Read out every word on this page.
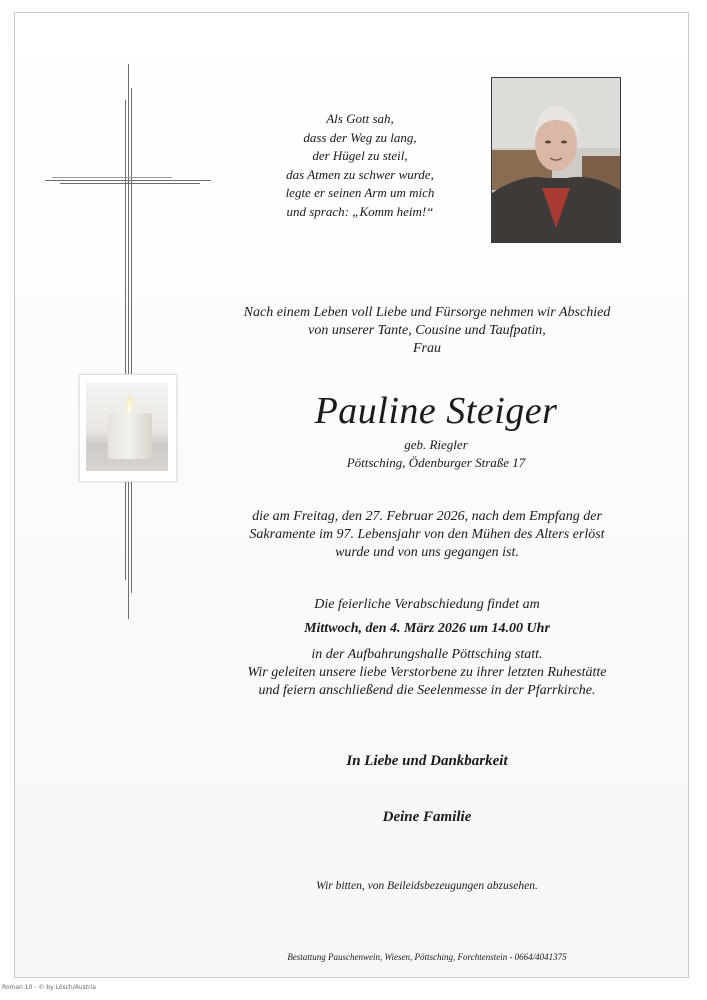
Als Gott sah,
dass der Weg zu lang,
der Hügel zu steil,
das Atmen zu schwer wurde,
legte er seinen Arm um mich
und sprach: „Komm heim!“
Nach einem Leben voll Liebe und Fürsorge nehmen wir Abschied
von unserer Tante, Cousine und Taufpatin,
Frau
Pauline Steiger
geb. Riegler
Pöttsching, Ödenburger Straße 17
die am Freitag, den 27. Februar 2026, nach dem Empfang der
Sakramente im 97. Lebensjahr von den Mühen des Alters erlöst
wurde und von uns gegangen ist.
Die feierliche Verabschiedung findet am
Mittwoch, den 4. März 2026 um 14.00 Uhr
in der Aufbahrungshalle Pöttsching statt.
Wir geleiten unsere liebe Verstorbene zu ihrer letzten Ruhestätte
und feiern anschließend die Seelenmesse in der Pfarrkirche.
In Liebe und Dankbarkeit
Deine Familie
Wir bitten, von Beileidsbezeugungen abzusehen.
Bestattung Pauschenwein, Wiesen, Pöttsching, Forchtenstein - 0664/4041375
Roman 10 - © by Lösch/Austria
